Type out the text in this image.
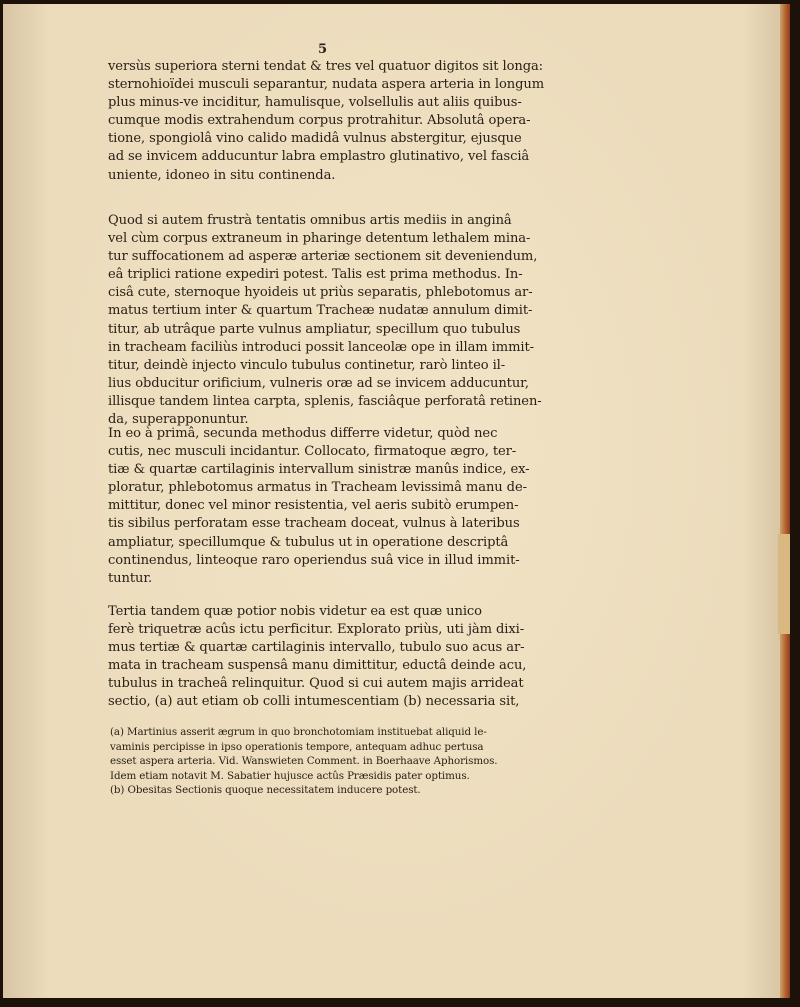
5
versùs superiora sterni tendat & tres vel quatuor digitos sit longa:
sternohioïdei musculi separantur, nudata aspera arteria in longum
plus minus-ve inciditur, hamulisque, volsellulis aut aliis quibus-
cumque modis extrahendum corpus protrahitur. Absolutâ opera-
tione, spongiolâ vino calido madidâ vulnus abstergitur, ejusque
ad se invicem adducuntur labra emplastro glutinativo, vel fasciâ
uniente, idoneo in situ continenda.
Quod si autem frustrà tentatis omnibus artis mediis in anginâ
vel cùm corpus extraneum in pharinge detentum lethalem mina-
tur suffocationem ad asperæ arteriæ sectionem sit deveniendum,
eâ triplici ratione expediri potest. Talis est prima methodus. In-
cisâ cute, sternoque hyoideis ut priùs separatis, phlebotomus ar-
matus tertium inter & quartum Tracheæ nudatæ annulum dimit-
titur, ab utrâque parte vulnus ampliatur, specillum quo tubulus
in tracheam faciliùs introduci possit lanceolæ ope in illam immit-
titur, deindè injecto vinculo tubulus continetur, rarò linteo il-
lius obducitur orificium, vulneris oræ ad se invicem adducuntur,
illisque tandem lintea carpta, splenis, fasciâque perforatâ retinen-
da, superapponuntur.
In eo à primâ, secunda methodus differre videtur, quòd nec
cutis, nec musculi incidantur. Collocato, firmatoque ægro, ter-
tiæ & quartæ cartilaginis intervallum sinistræ manûs indice, ex-
ploratur, phlebotomus armatus in Tracheam levissimâ manu de-
mittitur, donec vel minor resistentia, vel aeris subitò erumpen-
tis sibilus perforatam esse tracheam doceat, vulnus à lateribus
ampliatur, specillumque & tubulus ut in operatione descriptâ
continendus, linteoque raro operiendus suâ vice in illud immit-
tuntur.
Tertia tandem quæ potior nobis videtur ea est quæ unico
ferè triquetræ acûs ictu perficitur. Explorato priùs, uti jàm dixi-
mus tertiæ & quartæ cartilaginis intervallo, tubulo suo acus ar-
mata in tracheam suspensâ manu dimittitur, eductâ deinde acu,
tubulus in tracheâ relinquitur. Quod si cui autem majis arrideat
sectio, (a) aut etiam ob colli intumescentiam (b) necessaria sit,
(a) Martinius asserit ægrum in quo bronchotomiam instituebat aliquid le-
vaminis percipisse in ipso operationis tempore, antequam adhuc pertusa
esset aspera arteria. Vid. Wanswieten Comment. in Boerhaave Aphorismos.
Idem etiam notavit M. Sabatier hujusce actûs Præsidis pater optimus.
(b) Obesitas Sectionis quoque necessitatem inducere potest.
